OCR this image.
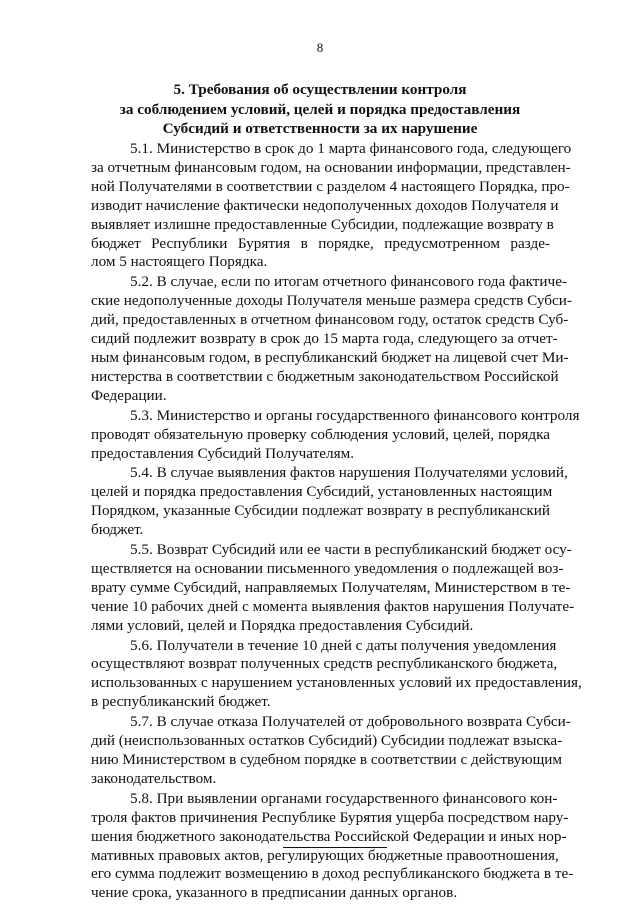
8
5. Требования об осуществлении контроля
за соблюдением условий, целей и порядка предоставления
Субсидий и ответственности за их нарушение
5.1. Министерство в срок до 1 марта финансового года, следующего
за отчетным финансовым годом, на основании информации, представлен-
ной Получателями в соответствии с разделом 4 настоящего Порядка, про-
изводит начисление фактически недополученных доходов Получателя и
выявляет излишне предоставленные Субсидии, подлежащие возврату в
бюджет Республики Бурятия в порядке, предусмотренном разде-
лом 5 настоящего Порядка.
5.2. В случае, если по итогам отчетного финансового года фактиче-
ские недополученные доходы Получателя меньше размера средств Субси-
дий, предоставленных в отчетном финансовом году, остаток средств Суб-
сидий подлежит возврату в срок до 15 марта года, следующего за отчет-
ным финансовым годом, в республиканский бюджет на лицевой счет Ми-
нистерства в соответствии с бюджетным законодательством Российской
Федерации.
5.3. Министерство и органы государственного финансового контроля
проводят обязательную проверку соблюдения условий, целей, порядка
предоставления Субсидий Получателям.
5.4. В случае выявления фактов нарушения Получателями условий,
целей и порядка предоставления Субсидий, установленных настоящим
Порядком, указанные Субсидии подлежат возврату в республиканский
бюджет.
5.5. Возврат Субсидий или ее части в республиканский бюджет осу-
ществляется на основании письменного уведомления о подлежащей воз-
врату сумме Субсидий, направляемых Получателям, Министерством в те-
чение 10 рабочих дней с момента выявления фактов нарушения Получате-
лями условий, целей и Порядка предоставления Субсидий.
5.6. Получатели в течение 10 дней с даты получения уведомления
осуществляют возврат полученных средств республиканского бюджета,
использованных с нарушением установленных условий их предоставления,
в республиканский бюджет.
5.7. В случае отказа Получателей от добровольного возврата Субси-
дий (неиспользованных остатков Субсидий) Субсидии подлежат взыска-
нию Министерством в судебном порядке в соответствии с действующим
законодательством.
5.8. При выявлении органами государственного финансового кон-
троля фактов причинения Республике Бурятия ущерба посредством нару-
шения бюджетного законодательства Российской Федерации и иных нор-
мативных правовых актов, регулирующих бюджетные правоотношения,
его сумма подлежит возмещению в доход республиканского бюджета в те-
чение срока, указанного в предписании данных органов.
